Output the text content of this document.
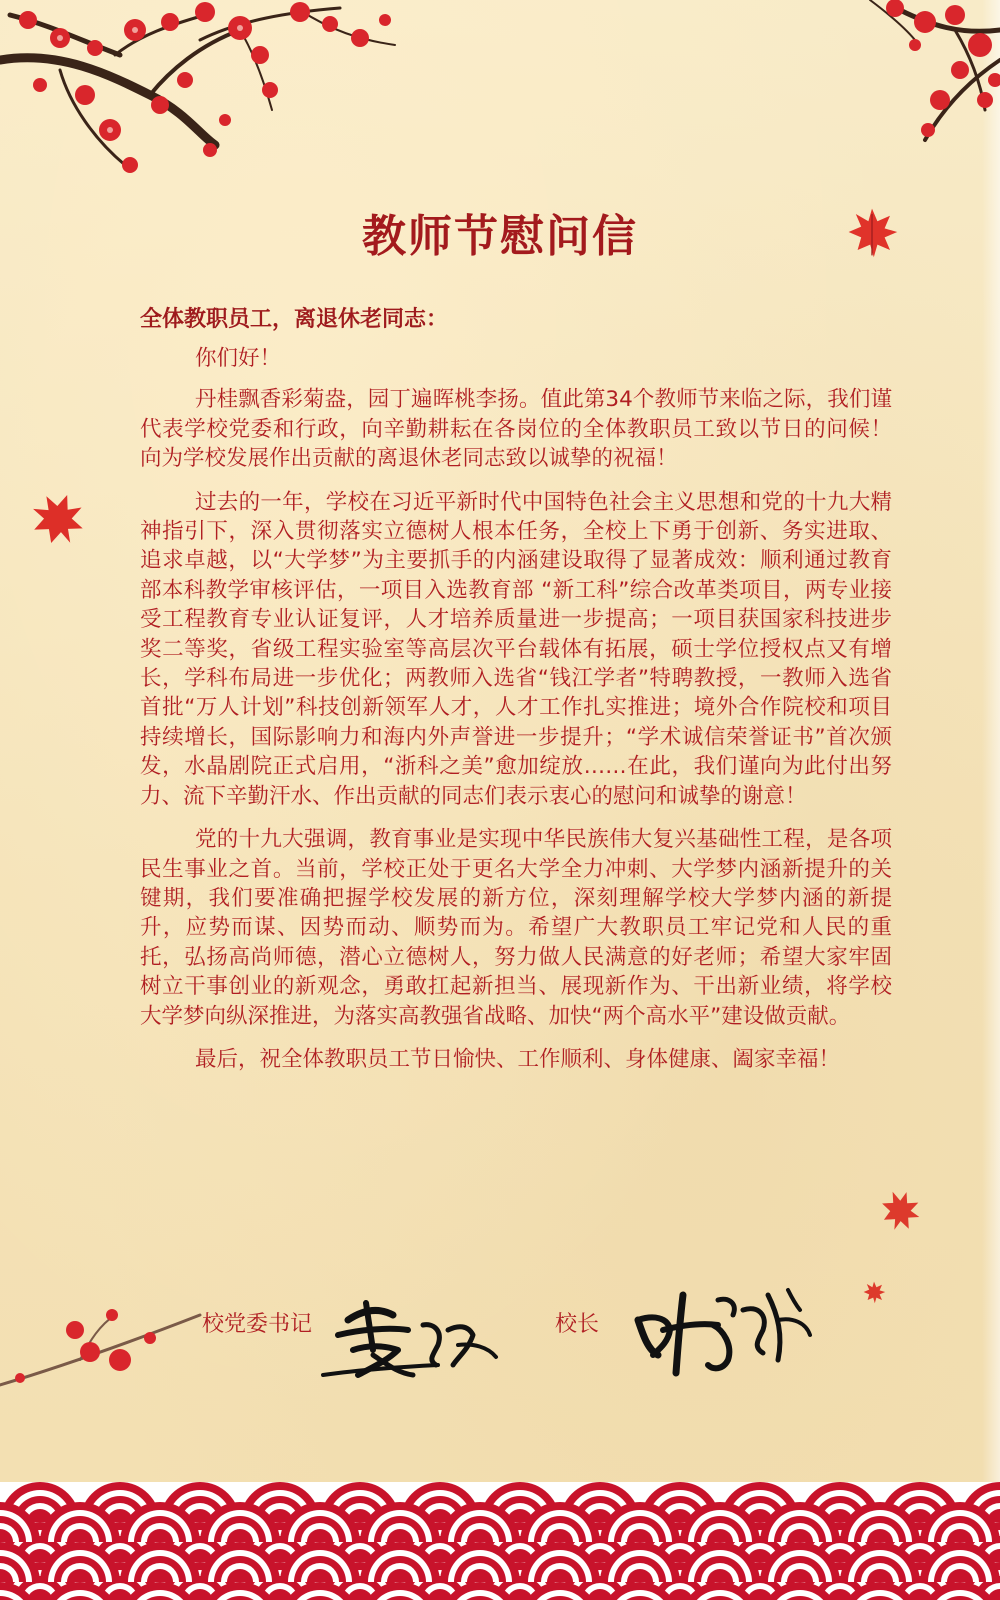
教师节慰问信

全体教职员工，离退休老同志：

你们好！

丹桂飘香彩菊盎，园丁遍晖桃李扬。值此第34个教师节来临之际，我们谨代表学校党委和行政，向辛勤耕耘在各岗位的全体教职员工致以节日的问候！向为学校发展作出贡献的离退休老同志致以诚挚的祝福！

过去的一年，学校在习近平新时代中国特色社会主义思想和党的十九大精神指引下，深入贯彻落实立德树人根本任务，全校上下勇于创新、务实进取、追求卓越，以“大学梦”为主要抓手的内涵建设取得了显著成效：顺利通过教育部本科教学审核评估，一项目入选教育部 “新工科”综合改革类项目，两专业接受工程教育专业认证复评，人才培养质量进一步提高；一项目获国家科技进步奖二等奖，省级工程实验室等高层次平台载体有拓展，硕士学位授权点又有增长，学科布局进一步优化；两教师入选省“钱江学者”特聘教授，一教师入选省首批“万人计划”科技创新领军人才，人才工作扎实推进；境外合作院校和项目持续增长，国际影响力和海内外声誉进一步提升；“学术诚信荣誉证书”首次颁发，水晶剧院正式启用，“浙科之美”愈加绽放……在此，我们谨向为此付出努力、流下辛勤汗水、作出贡献的同志们表示衷心的慰问和诚挚的谢意！

党的十九大强调，教育事业是实现中华民族伟大复兴基础性工程，是各项民生事业之首。当前，学校正处于更名大学全力冲刺、大学梦内涵新提升的关键期，我们要准确把握学校发展的新方位，深刻理解学校大学梦内涵的新提升，应势而谋、因势而动、顺势而为。希望广大教职员工牢记党和人民的重托，弘扬高尚师德，潜心立德树人，努力做人民满意的好老师；希望大家牢固树立干事创业的新观念，勇敢扛起新担当、展现新作为、干出新业绩，将学校大学梦向纵深推进，为落实高教强省战略、加快“两个高水平”建设做贡献。

最后，祝全体教职员工节日愉快、工作顺利、身体健康、阖家幸福！

校党委书记	校长
